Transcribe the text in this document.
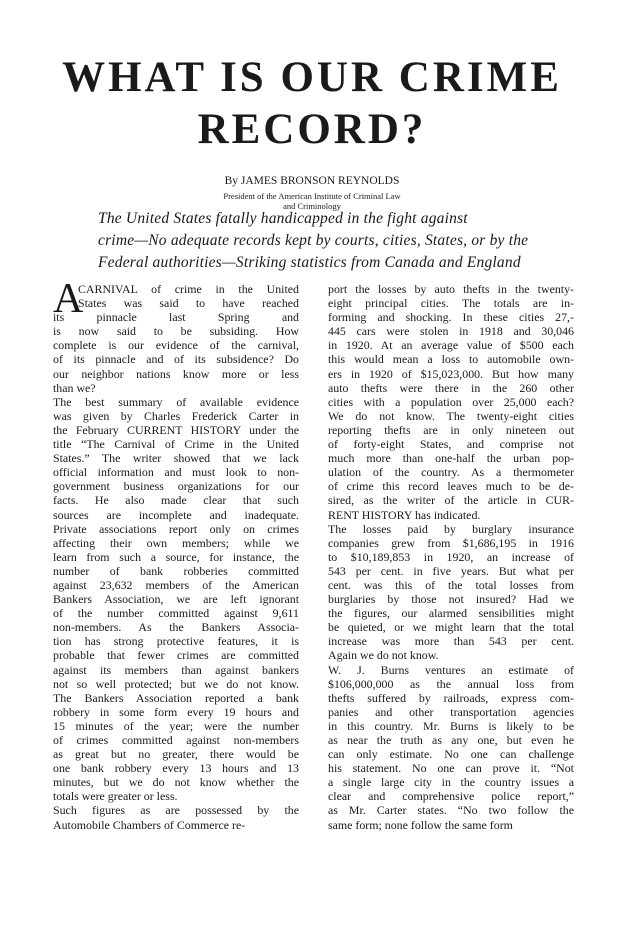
WHAT IS OUR CRIME
RECORD?
By JAMES BRONSON REYNOLDS
President of the American Institute of Criminal Law
and Criminology
The United States fatally handicapped in the fight against
crime—No adequate records kept by courts, cities, States, or by the
Federal authorities—Striking statistics from Canada and England
A
CARNIVAL of crime in the United
States was said to have reached
its pinnacle last Spring and
is now said to be subsiding. How
complete is our evidence of the carnival,
of its pinnacle and of its subsidence? Do
our neighbor nations know more or less
than we?
The best summary of available evidence
was given by Charles Frederick Carter in
the February CURRENT HISTORY under the
title “The Carnival of Crime in the United
States.” The writer showed that we lack
official information and must look to non-
government business organizations for our
facts. He also made clear that such
sources are incomplete and inadequate.
Private associations report only on crimes
affecting their own members; while we
learn from such a source, for instance, the
number of bank robberies committed
against 23,632 members of the American
Bankers Association, we are left ignorant
of the number committed against 9,611
non-members. As the Bankers Associa-
tion has strong protective features, it is
probable that fewer crimes are committed
against its members than against bankers
not so well protected; but we do not know.
The Bankers Association reported a bank
robbery in some form every 19 hours and
15 minutes of the year; were the number
of crimes committed against non-members
as great but no greater, there would be
one bank robbery every 13 hours and 13
minutes, but we do not know whether the
totals were greater or less.
Such figures as are possessed by the
Automobile Chambers of Commerce re-
port the losses by auto thefts in the twenty-
eight principal cities. The totals are in-
forming and shocking. In these cities 27,-
445 cars were stolen in 1918 and 30,046
in 1920. At an average value of $500 each
this would mean a loss to automobile own-
ers in 1920 of $15,023,000. But how many
auto thefts were there in the 260 other
cities with a population over 25,000 each?
We do not know. The twenty-eight cities
reporting thefts are in only nineteen out
of forty-eight States, and comprise not
much more than one-half the urban pop-
ulation of the country. As a thermometer
of crime this record leaves much to be de-
sired, as the writer of the article in CUR-
RENT HISTORY has indicated.
The losses paid by burglary insurance
companies grew from $1,686,195 in 1916
to $10,189,853 in 1920, an increase of
543 per cent. in five years. But what per
cent. was this of the total losses from
burglaries by those not insured? Had we
the figures, our alarmed sensibilities might
be quieted, or we might learn that the total
increase was more than 543 per cent.
Again we do not know.
W. J. Burns ventures an estimate of
$106,000,000 as the annual loss from
thefts suffered by railroads, express com-
panies and other transportation agencies
in this country. Mr. Burns is likely to be
as near the truth as any one, but even he
can only estimate. No one can challenge
his statement. No one can prove it. “Not
a single large city in the country issues a
clear and comprehensive police report,”
as Mr. Carter states. “No two follow the
same form; none follow the same form
